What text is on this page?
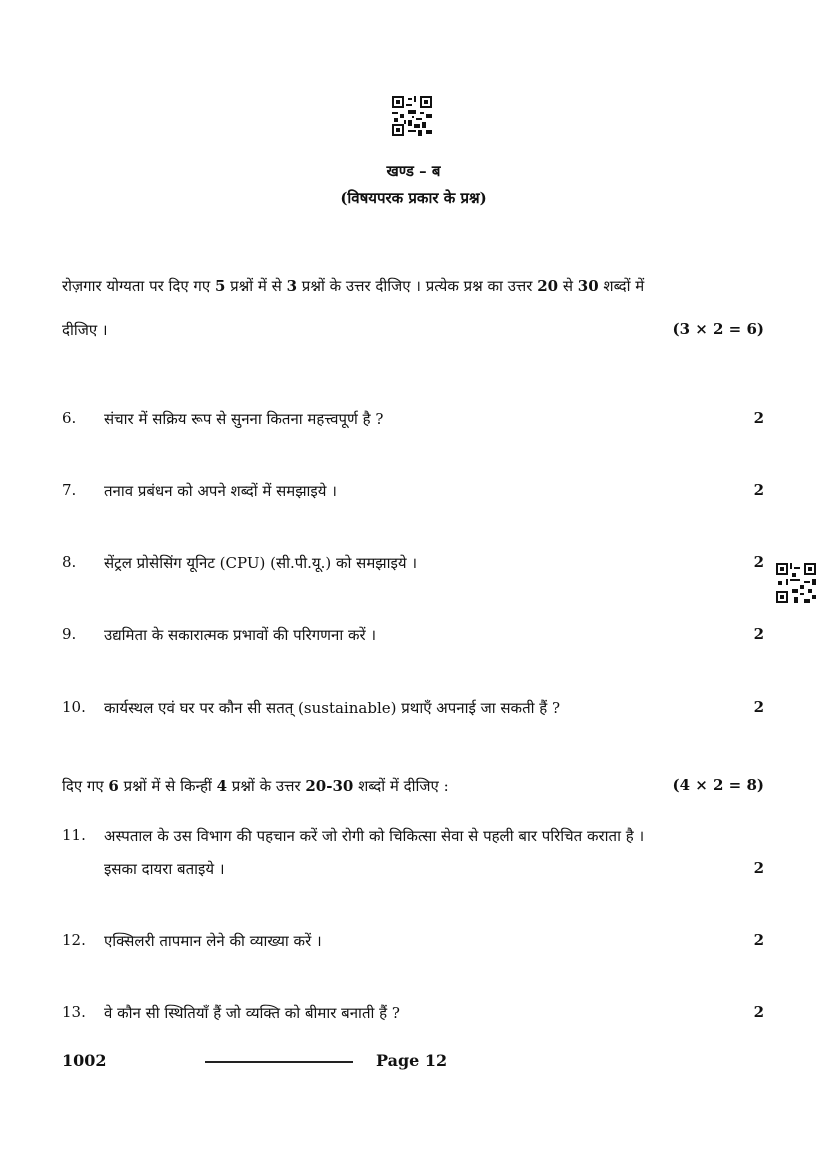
खण्ड – ब
(विषयपरक प्रकार के प्रश्न)
रोज़गार योग्यता पर दिए गए 5 प्रश्नों में से 3 प्रश्नों के उत्तर दीजिए । प्रत्येक प्रश्न का उत्तर 20 से 30 शब्दों में
दीजिए ।	(3 × 2 = 6)
6.	संचार में सक्रिय रूप से सुनना कितना महत्त्वपूर्ण है ?	2
7.	तनाव प्रबंधन को अपने शब्दों में समझाइये ।	2
8.	सेंट्रल प्रोसेसिंग यूनिट (CPU) (सी.पी.यू.) को समझाइये ।	2
9.	उद्यमिता के सकारात्मक प्रभावों की परिगणना करें ।	2
10.	कार्यस्थल एवं घर पर कौन सी सतत् (sustainable) प्रथाएँ अपनाई जा सकती हैं ?	2
दिए गए 6 प्रश्नों में से किन्हीं 4 प्रश्नों के उत्तर 20-30 शब्दों में दीजिए :	(4 × 2 = 8)
11.	अस्पताल के उस विभाग की पहचान करें जो रोगी को चिकित्सा सेवा से पहली बार परिचित कराता है ।
इसका दायरा बताइये ।	2
12.	एक्सिलरी तापमान लेने की व्याख्या करें ।	2
13.	वे कौन सी स्थितियाँ हैं जो व्यक्ति को बीमार बनाती हैं ?	2
1002	Page 12
